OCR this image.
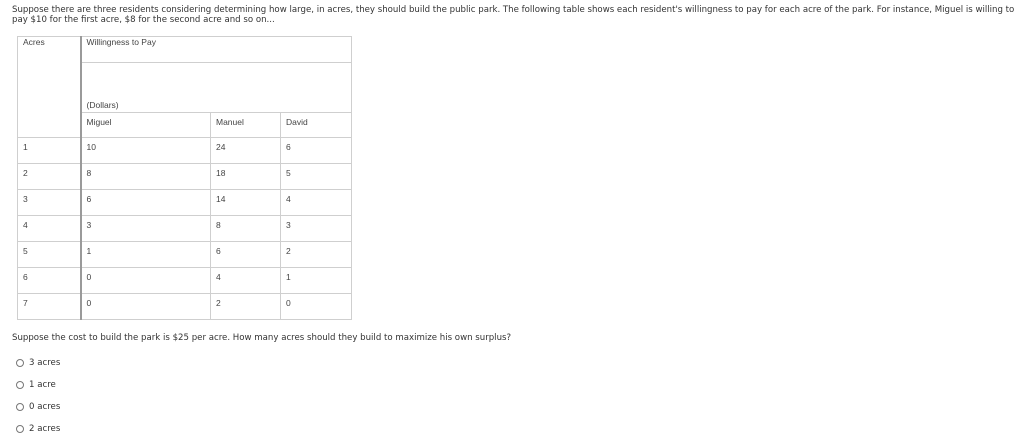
Suppose there are three residents considering determining how large, in acres, they should build the public park. The following table shows each resident's willingness to pay for each acre of the park. For instance, Miguel is willing to pay $10 for the first acre, $8 for the second acre and so on...
Acres	Willingness to Pay		
	(Dollars)		
	Miguel	Manuel	David
1	10	24	6
2	8	18	5
3	6	14	4
4	3	8	3
5	1	6	2
6	0	4	1
7	0	2	0
Suppose the cost to build the park is $25 per acre. How many acres should they build to maximize his own surplus?
3 acres
1 acre
0 acres
2 acres
